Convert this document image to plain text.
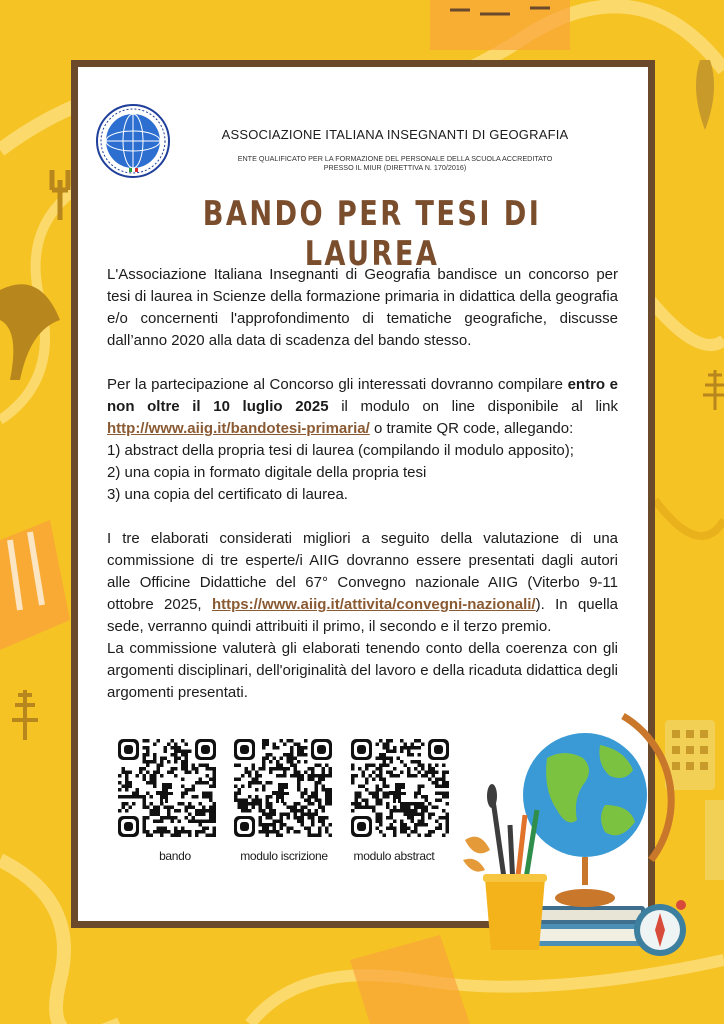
ASSOCIAZIONE ITALIANA INSEGNANTI DI GEOGRAFIA
ENTE QUALIFICATO PER LA FORMAZIONE DEL PERSONALE DELLA SCUOLA ACCREDITATO
PRESSO IL MIUR (DIRETTIVA N. 170/2016)
BANDO PER TESI DI LAUREA

L'Associazione Italiana Insegnanti di Geografia bandisce un concorso per tesi di laurea in Scienze della formazione primaria in didattica della geografia e/o concernenti l'approfondimento di tematiche geografiche, discusse dall’anno 2020 alla data di scadenza del bando stesso.

Per la partecipazione al Concorso gli interessati dovranno compilare entro e non oltre il 10 luglio 2025 il modulo on line disponibile al link http://www.aiig.it/bandotesi-primaria/ o tramite QR code, allegando:

1) abstract della propria tesi di laurea (compilando il modulo apposito);

2) una copia in formato digitale della propria tesi

3) una copia del certificato di laurea.

I tre elaborati considerati migliori a seguito della valutazione di una commissione di tre esperte/i AIIG dovranno essere presentati dagli autori alle Officine Didattiche del 67° Convegno nazionale AIIG (Viterbo 9-11 ottobre 2025, https://www.aiig.it/attivita/convegni-nazionali/). In quella sede, verranno quindi attribuiti il primo, il secondo e il terzo premio.

La commissione valuterà gli elaborati tenendo conto della coerenza con gli argomenti disciplinari, dell'originalità del lavoro e della ricaduta didattica degli argomenti presentati.

bando	modulo iscrizione	modulo abstract
